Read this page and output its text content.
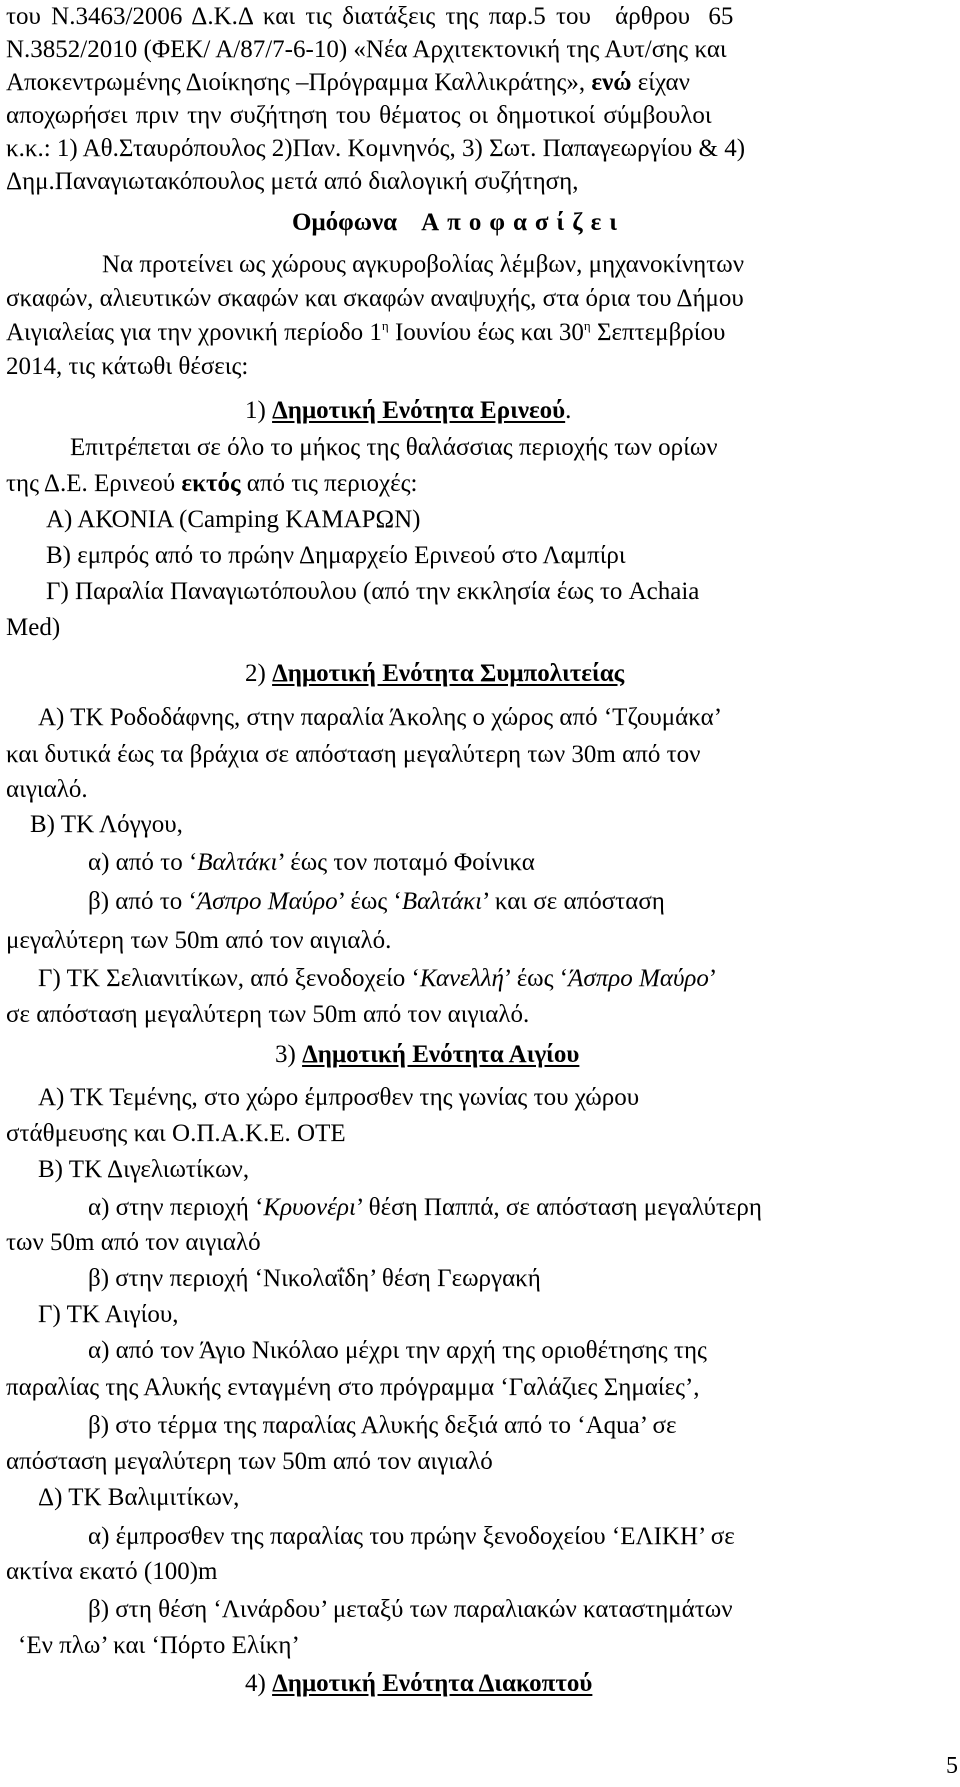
του Ν.3463/2006 Δ.Κ.Δ και τις διατάξεις της παρ.5 του άρθρου 65
Ν.3852/2010 (ΦΕΚ/ Α/87/7-6-10) «Νέα Αρχιτεκτονική της Αυτ/σης και
Αποκεντρωμένης Διοίκησης –Πρόγραμμα Καλλικράτης», ενώ είχαν
αποχωρήσει πριν την συζήτηση του θέματος οι δημοτικοί σύμβουλοι
κ.κ.: 1) Αθ.Σταυρόπουλος 2)Παν. Κομνηνός, 3) Σωτ. Παπαγεωργίου & 4)
Δημ.Παναγιωτακόπουλος μετά από διαλογική συζήτηση,
Ομόφωνα Αποφασίζει
Να προτείνει ως χώρους αγκυροβολίας λέμβων, μηχανοκίνητων
σκαφών, αλιευτικών σκαφών και σκαφών αναψυχής, στα όρια του Δήμου
Αιγιαλείας για την χρονική περίοδο $1^\eta$ Ιουνίου έως και $30^\eta$ Σεπτεμβρίου
2014, τις κάτωθι θέσεις:
1) Δημοτική Ενότητα Ερινεού.
Επιτρέπεται σε όλο το μήκος της θαλάσσιας περιοχής των ορίων
της Δ.Ε. Ερινεού εκτός από τις περιοχές:
Α) ΑΚΟΝΙΑ (Camping ΚΑΜΑΡΩΝ)
Β) εμπρός από το πρώην Δημαρχείο Ερινεού στο Λαμπίρι
Γ) Παραλία Παναγιωτόπουλου (από την εκκλησία έως το Achaia
Med)
2) Δημοτική Ενότητα Συμπολιτείας
Α) ΤΚ Ροδοδάφνης, στην παραλία Άκολης ο χώρος από ‘Τζουμάκα’
και δυτικά έως τα βράχια σε απόσταση μεγαλύτερη των 30m από τον
αιγιαλό.
Β) ΤΚ Λόγγου,
α) από το ‘Βαλτάκι’ έως τον ποταμό Φοίνικα
β) από το ‘Άσπρο Μαύρο’ έως ‘Βαλτάκι’ και σε απόσταση
μεγαλύτερη των 50m από τον αιγιαλό.
Γ) ΤΚ Σελιανιτίκων, από ξενοδοχείο ‘Κανελλή’ έως ‘Άσπρο Μαύρο’
σε απόσταση μεγαλύτερη των 50m από τον αιγιαλό.
3) Δημοτική Ενότητα Αιγίου
Α) ΤΚ Τεμένης, στο χώρο έμπροσθεν της γωνίας του χώρου
στάθμευσης και Ο.Π.Α.Κ.Ε. ΟΤΕ
Β) ΤΚ Διγελιωτίκων,
α) στην περιοχή ‘Κρυονέρι’ θέση Παππά, σε απόσταση μεγαλύτερη
των 50m από τον αιγιαλό
β) στην περιοχή ‘Νικολαΐδη’ θέση Γεωργακή
Γ) ΤΚ Αιγίου,
α) από τον Άγιο Νικόλαο μέχρι την αρχή της οριοθέτησης της
παραλίας της Αλυκής ενταγμένη στο πρόγραμμα ‘Γαλάζιες Σημαίες’,
β) στο τέρμα της παραλίας Αλυκής δεξιά από το ‘Aqua’ σε
απόσταση μεγαλύτερη των 50m από τον αιγιαλό
Δ) ΤΚ Βαλιμιτίκων,
α) έμπροσθεν της παραλίας του πρώην ξενοδοχείου ‘ΕΛΙΚΗ’ σε
ακτίνα εκατό (100)m
β) στη θέση ‘Λινάρδου’ μεταξύ των παραλιακών καταστημάτων
‘Εν πλω’ και ‘Πόρτο Ελίκη’
4) Δημοτική Ενότητα Διακοπτού
5
